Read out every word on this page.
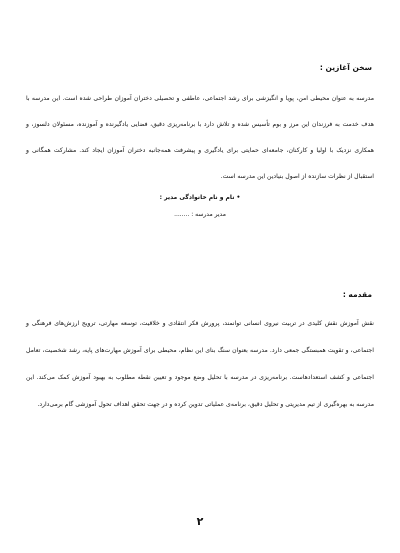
سخن آغازین :

مدرسه به عنوان محیطی امن، پویا و انگیزشی برای رشد اجتماعی، عاطفی و تحصیلی دختران آموزان طراحی شده است. این مدرسه با هدف خدمت به فرزندان این مرز و بوم تأسیس شده و تلاش دارد با برنامه‌ریزی دقیق، فضایی یادگیرنده و آموزنده، مسئولان دلسوز، و همکاری نزدیک با اولیا و کارکنان، جامعه‌ای حمایتی برای یادگیری و پیشرفت همه‌جانبه دختران آموزان ایجاد کند. مشارکت همگانی و استقبال از نظرات سازنده از اصول بنیادین این مدرسه است.

• نام و نام خانوادگی مدیر :
مدیر مدرسه : ........
مقدمه :

نقش آموزش نقش کلیدی در تربیت نیروی انسانی توانمند، پرورش فکر انتقادی و خلاقیت، توسعه مهارتی، ترویج ارزش‌های فرهنگی و اجتماعی، و تقویت همبستگی جمعی دارد. مدرسه بعنوان سنگ بنای این نظام، محیطی برای آموزش مهارت‌های پایه، رشد شخصیت، تعامل اجتماعی و کشف استعدادهاست. برنامه‌ریزی در مدرسه با تحلیل وضع موجود و تعیین نقطه مطلوب به بهبود آموزش کمک می‌کند. این مدرسه به بهره‌گیری از تیم مدیریتی و تحلیل دقیق، برنامه‌ی عملیاتی تدوین کرده و در جهت تحقق اهداف تحول آموزشی گام برمی‌دارد.

۲
